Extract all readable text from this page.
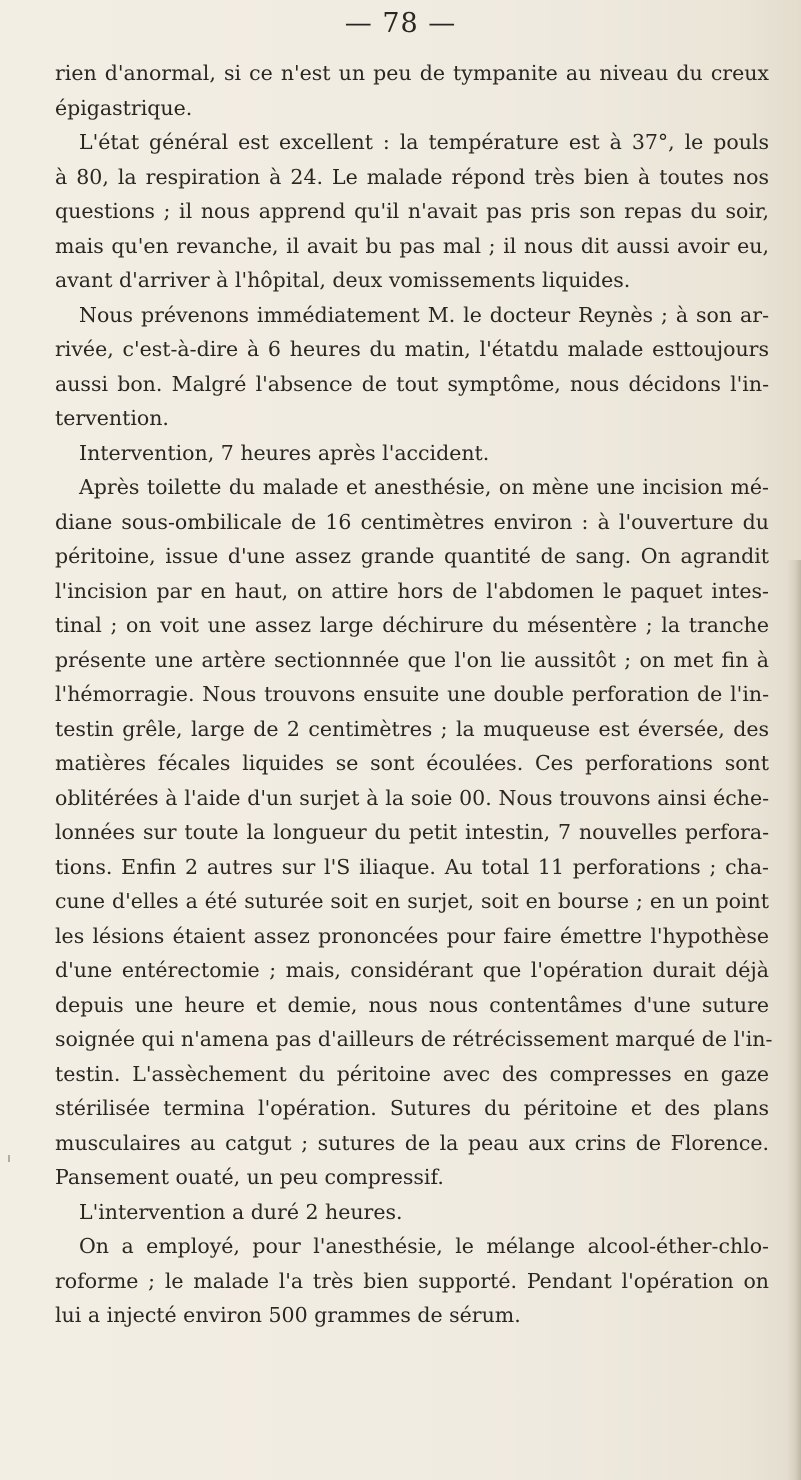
— 78 —
rien d'anormal, si ce n'est un peu de tympanite au niveau du creux
épigastrique.
L'état général est excellent : la température est à 37°, le pouls
à 80, la respiration à 24. Le malade répond très bien à toutes nos
questions ; il nous apprend qu'il n'avait pas pris son repas du soir,
mais qu'en revanche, il avait bu pas mal ; il nous dit aussi avoir eu,
avant d'arriver à l'hôpital, deux vomissements liquides.
Nous prévenons immédiatement M. le docteur Reynès ; à son ar-
rivée, c'est-à-dire à 6 heures du matin, l'étatdu malade esttoujours
aussi bon. Malgré l'absence de tout symptôme, nous décidons l'in-
tervention.
Intervention, 7 heures après l'accident.
Après toilette du malade et anesthésie, on mène une incision mé-
diane sous-ombilicale de 16 centimètres environ : à l'ouverture du
péritoine, issue d'une assez grande quantité de sang. On agrandit
l'incision par en haut, on attire hors de l'abdomen le paquet intes-
tinal ; on voit une assez large déchirure du mésentère ; la tranche
présente une artère sectionnnée que l'on lie aussitôt ; on met fin à
l'hémorragie. Nous trouvons ensuite une double perforation de l'in-
testin grêle, large de 2 centimètres ; la muqueuse est éversée, des
matières fécales liquides se sont écoulées. Ces perforations sont
oblitérées à l'aide d'un surjet à la soie 00. Nous trouvons ainsi éche-
lonnées sur toute la longueur du petit intestin, 7 nouvelles perfora-
tions. Enfin 2 autres sur l'S iliaque. Au total 11 perforations ; cha-
cune d'elles a été suturée soit en surjet, soit en bourse ; en un point
les lésions étaient assez prononcées pour faire émettre l'hypothèse
d'une entérectomie ; mais, considérant que l'opération durait déjà
depuis une heure et demie, nous nous contentâmes d'une suture
soignée qui n'amena pas d'ailleurs de rétrécissement marqué de l'in-
testin. L'assèchement du péritoine avec des compresses en gaze
stérilisée termina l'opération. Sutures du péritoine et des plans
musculaires au catgut ; sutures de la peau aux crins de Florence.
Pansement ouaté, un peu compressif.
L'intervention a duré 2 heures.
On a employé, pour l'anesthésie, le mélange alcool-éther-chlo-
roforme ; le malade l'a très bien supporté. Pendant l'opération on
lui a injecté environ 500 grammes de sérum.
